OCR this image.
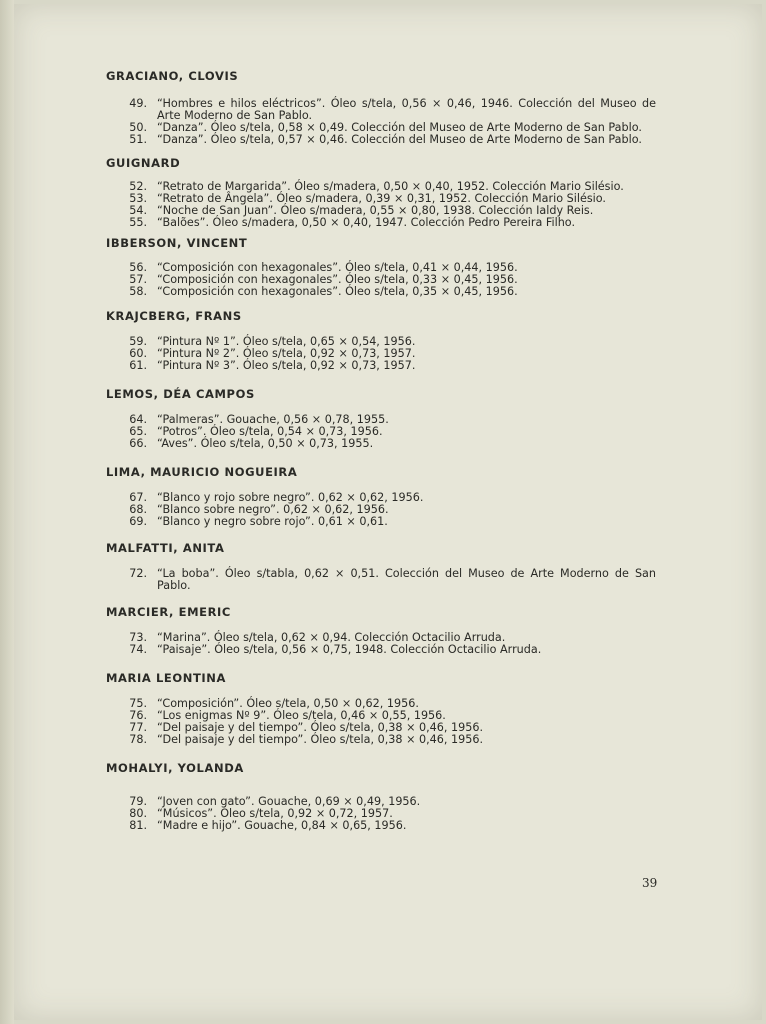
GRACIANO, CLOVIS
49. “Hombres e hilos eléctricos”. Óleo s/tela, 0,56 × 0,46, 1946. Colección del Museo de Arte Moderno de San Pablo.
50. “Danza”. Óleo s/tela, 0,58 × 0,49. Colección del Museo de Arte Moderno de San Pablo.
51. “Danza”. Óleo s/tela, 0,57 × 0,46. Colección del Museo de Arte Moderno de San Pablo.
GUIGNARD
52. “Retrato de Margarida”. Óleo s/madera, 0,50 × 0,40, 1952. Colección Mario Silésio.
53. “Retrato de Ângela”. Óleo s/madera, 0,39 × 0,31, 1952. Colección Mario Silésio.
54. “Noche de San Juan”. Óleo s/madera, 0,55 × 0,80, 1938. Colección Ialdy Reis.
55. “Balões”. Óleo s/madera, 0,50 × 0,40, 1947. Colección Pedro Pereira Filho.
IBBERSON, VINCENT
56. “Composición con hexagonales”. Óleo s/tela, 0,41 × 0,44, 1956.
57. “Composición con hexagonales”. Óleo s/tela, 0,33 × 0,45, 1956.
58. “Composición con hexagonales”. Óleo s/tela, 0,35 × 0,45, 1956.
KRAJCBERG, FRANS
59. “Pintura Nº 1”. Óleo s/tela, 0,65 × 0,54, 1956.
60. “Pintura Nº 2”. Óleo s/tela, 0,92 × 0,73, 1957.
61. “Pintura Nº 3”. Óleo s/tela, 0,92 × 0,73, 1957.
LEMOS, DÉA CAMPOS
64. “Palmeras”. Gouache, 0,56 × 0,78, 1955.
65. “Potros”. Óleo s/tela, 0,54 × 0,73, 1956.
66. “Aves”. Óleo s/tela, 0,50 × 0,73, 1955.
LIMA, MAURICIO NOGUEIRA
67. “Blanco y rojo sobre negro”. 0,62 × 0,62, 1956.
68. “Blanco sobre negro”. 0,62 × 0,62, 1956.
69. “Blanco y negro sobre rojo”. 0,61 × 0,61.
MALFATTI, ANITA
72. “La boba”. Óleo s/tabla, 0,62 × 0,51. Colección del Museo de Arte Moderno de San Pablo.
MARCIER, EMERIC
73. “Marina”. Óleo s/tela, 0,62 × 0,94. Colección Octacilio Arruda.
74. “Paisaje”. Óleo s/tela, 0,56 × 0,75, 1948. Colección Octacilio Arruda.
MARIA LEONTINA
75. “Composición”. Óleo s/tela, 0,50 × 0,62, 1956.
76. “Los enigmas Nº 9”. Óleo s/tela, 0,46 × 0,55, 1956.
77. “Del paisaje y del tiempo”. Óleo s/tela, 0,38 × 0,46, 1956.
78. “Del paisaje y del tiempo”. Óleo s/tela, 0,38 × 0,46, 1956.
MOHALYI, YOLANDA
79. “Joven con gato”. Gouache, 0,69 × 0,49, 1956.
80. “Músicos”. Óleo s/tela, 0,92 × 0,72, 1957.
81. “Madre e hijo”. Gouache, 0,84 × 0,65, 1956.
39
